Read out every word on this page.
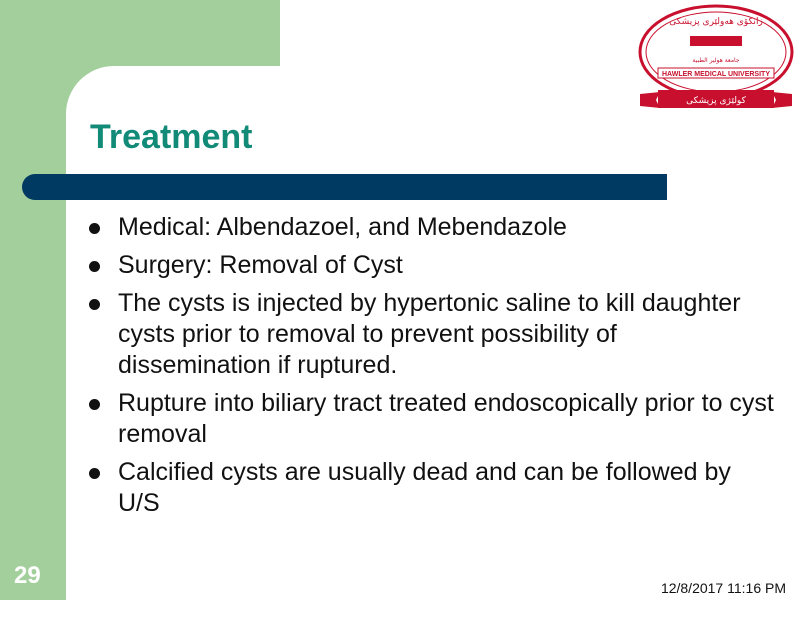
زانكۆی هەولێری پزیشكی
جامعة هولير الطبية
HAWLER MEDICAL UNIVERSITY
كولێژی پزیشكی
Treatment
Medical: Albendazoel, and Mebendazole
Surgery: Removal of Cyst
The cysts is injected by hypertonic saline to kill daughter cysts prior to removal to prevent possibility of dissemination if ruptured.
Rupture into biliary tract treated endoscopically prior to cyst removal
Calcified cysts are usually dead and can be followed by U/S
29	12/8/2017 11:16 PM
